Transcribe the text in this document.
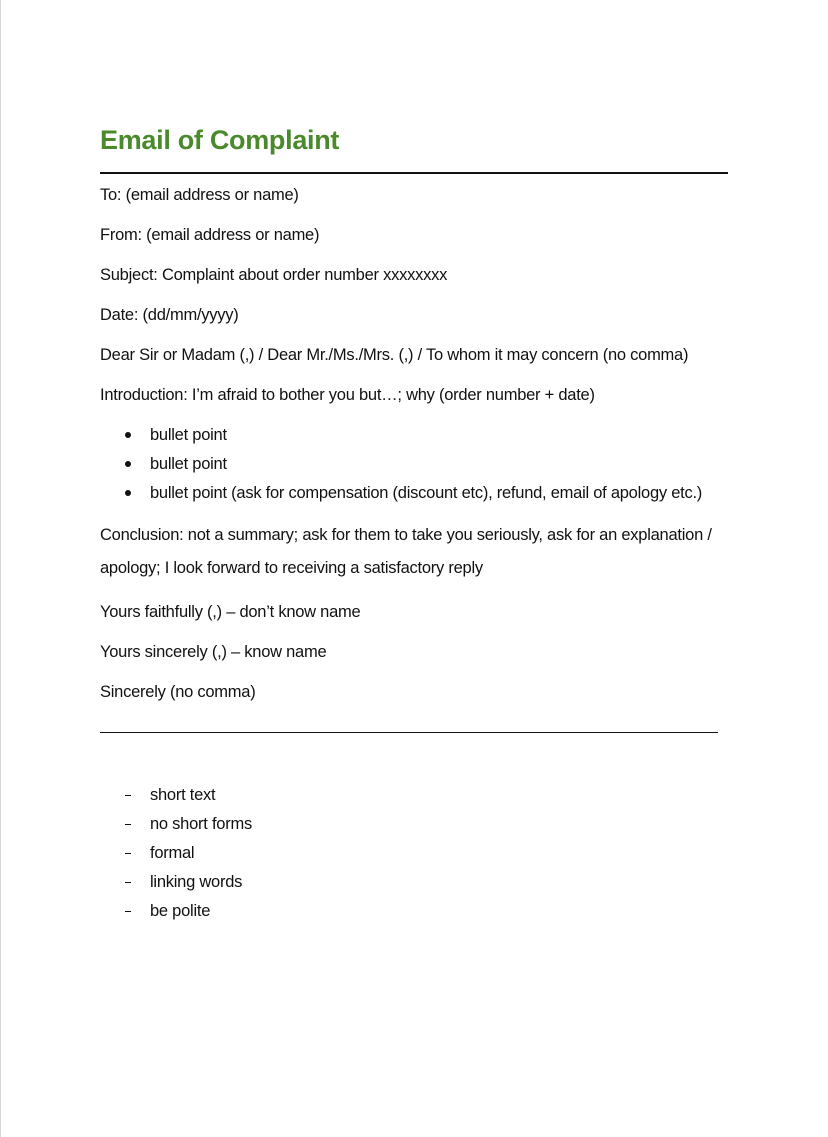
Email of Complaint

To: (email address or name)

From: (email address or name)

Subject: Complaint about order number xxxxxxxx

Date: (dd/mm/yyyy)

Dear Sir or Madam (,) / Dear Mr./Ms./Mrs. (,) / To whom it may concern (no comma)

Introduction: I’m afraid to bother you but…; why (order number + date)

bullet point
bullet point
bullet point (ask for compensation (discount etc), refund, email of apology etc.)

Conclusion: not a summary; ask for them to take you seriously, ask for an explanation / apology; I look forward to receiving a satisfactory reply

Yours faithfully (,) – don’t know name

Yours sincerely (,) – know name

Sincerely (no comma)

short text
no short forms
formal
linking words
be polite
